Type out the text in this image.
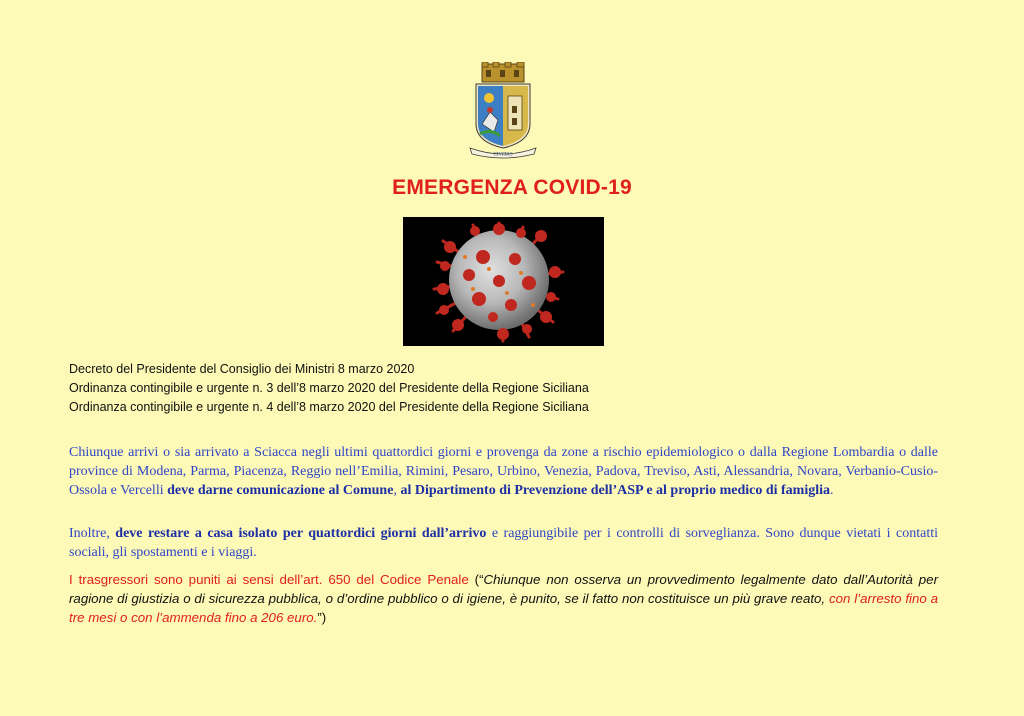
CIVITAS
EMERGENZA COVID-19
Decreto del Presidente del Consiglio dei Ministri 8 marzo 2020
Ordinanza contingibile e urgente n. 3 dell’8 marzo 2020 del Presidente della Regione Siciliana
Ordinanza contingibile e urgente n. 4 dell’8 marzo 2020 del Presidente della Regione Siciliana
Chiunque arrivi o sia arrivato a Sciacca negli ultimi quattordici giorni e provenga da zone a rischio epidemiologico o dalla Regione Lombardia o dalle province di Modena, Parma, Piacenza, Reggio nell’Emilia, Rimini, Pesaro, Urbino, Venezia, Padova, Treviso, Asti, Alessandria, Novara, Verbanio-Cusio-Ossola e Vercelli deve darne comunicazione al Comune, al Dipartimento di Prevenzione dell’ASP e al proprio medico di famiglia.
Inoltre, deve restare a casa isolato per quattordici giorni dall’arrivo e raggiungibile per i controlli di sorveglianza. Sono dunque vietati i contatti sociali, gli spostamenti e i viaggi.
I trasgressori sono puniti ai sensi dell’art. 650 del Codice Penale (“Chiunque non osserva un provvedimento legalmente dato dall’Autorità per ragione di giustizia o di sicurezza pubblica, o d’ordine pubblico o di igiene, è punito, se il fatto non costituisce un più grave reato, con l’arresto fino a tre mesi o con l’ammenda fino a 206 euro.”)
